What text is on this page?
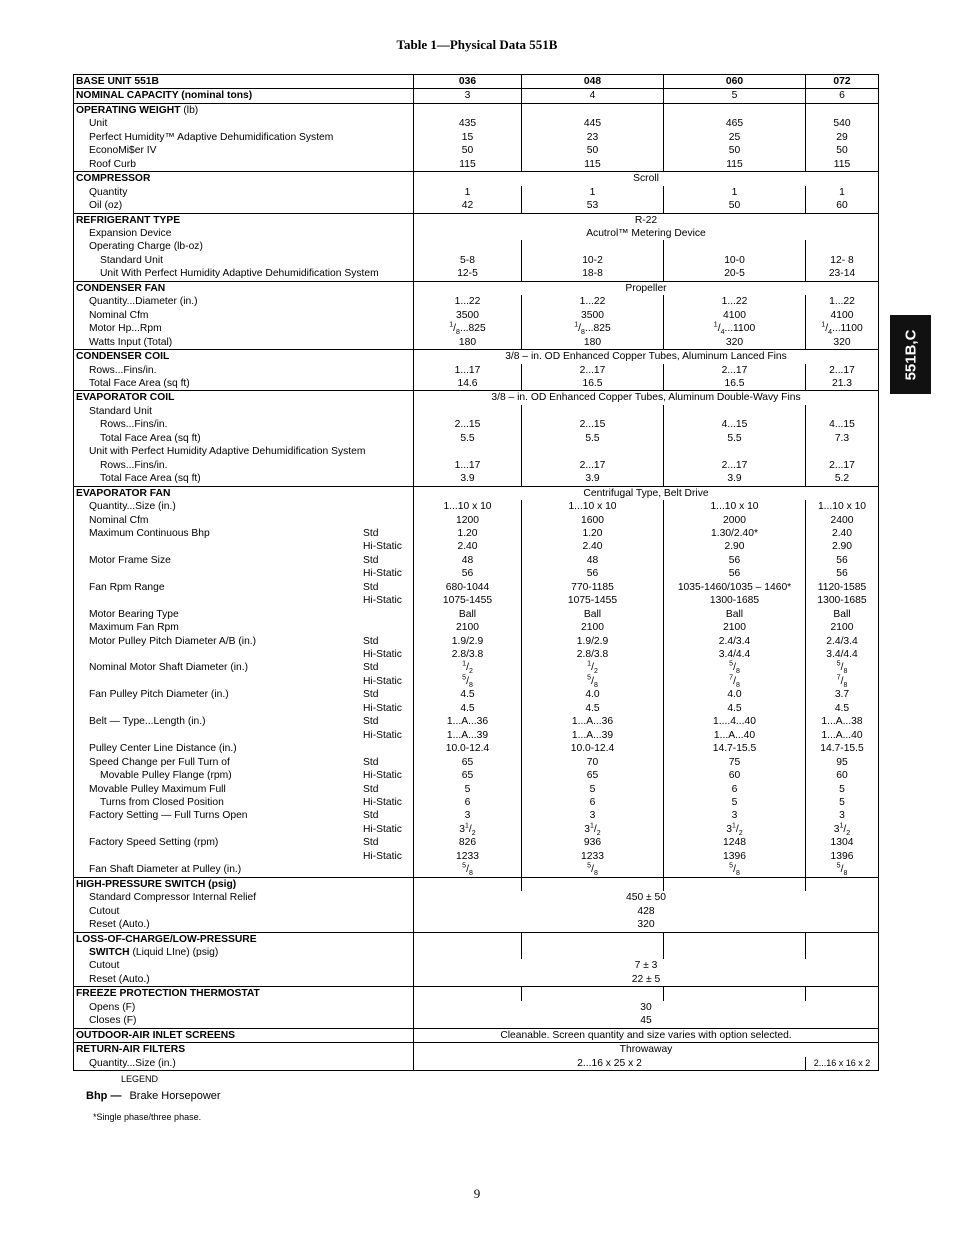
Table 1—Physical Data 551B
BASE UNIT 551B	036	048	060	072

NOMINAL CAPACITY (nominal tons)	3	4	5	6

OPERATING WEIGHT (lb)				

Unit	435	445	465	540

Perfect Humidity™ Adaptive Dehumidification System	15	23	25	29

EconoMi$er IV	50	50	50	50

Roof Curb	115	115	115	115

COMPRESSOR	Scroll			

Quantity	1	1	1	1

Oil (oz)	42	53	50	60

REFRIGERANT TYPE	R-22			

Expansion Device	Acutrol™ Metering Device			

Operating Charge (lb-oz)				

Standard Unit	5-8	10-2	10-0	12- 8

Unit With Perfect Humidity Adaptive Dehumidification System	12-5	18-8	20-5	23-14

CONDENSER FAN	Propeller			

Quantity...Diameter (in.)	1...22	1...22	1...22	1...22

Nominal Cfm	3500	3500	4100	4100

Motor Hp...Rpm	$^1/_8...825$	$^1/_8...825$	$^1/_4...1100$	$^1/_4...1100$

Watts Input (Total)	180	180	320	320

CONDENSER COIL	3/8 – in. OD Enhanced Copper Tubes, Aluminum Lanced Fins			

Rows...Fins/in.	1...17	2...17	2...17	2...17

Total Face Area (sq ft)	14.6	16.5	16.5	21.3

EVAPORATOR COIL	3/8 – in. OD Enhanced Copper Tubes, Aluminum Double-Wavy Fins			

Standard Unit				

Rows...Fins/in.	2...15	2...15	4...15	4...15

Total Face Area (sq ft)	5.5	5.5	5.5	7.3

Unit with Perfect Humidity Adaptive Dehumidification System				

Rows...Fins/in.	1...17	2...17	2...17	2...17

Total Face Area (sq ft)	3.9	3.9	3.9	5.2

EVAPORATOR FAN	Centrifugal Type, Belt Drive			

Quantity...Size (in.)	1...10 x 10	1...10 x 10	1...10 x 10	1...10 x 10

Nominal Cfm	1200	1600	2000	2400

Maximum Continuous Bhp Std	1.20	1.20	1.30/2.40*	2.40

Hi-Static	2.40	2.40	2.90	2.90

Motor Frame Size Std	48	48	56	56

Hi-Static	56	56	56	56

Fan Rpm Range Std	680-1044	770-1185	1035-1460/1035 – 1460*	1120-1585

Hi-Static	1075-1455	1075-1455	1300-1685	1300-1685

Motor Bearing Type	Ball	Ball	Ball	Ball

Maximum Fan Rpm	2100	2100	2100	2100

Motor Pulley Pitch Diameter A/B (in.) Std	1.9/2.9	1.9/2.9	2.4/3.4	2.4/3.4

Hi-Static	2.8/3.8	2.8/3.8	3.4/4.4	3.4/4.4

Nominal Motor Shaft Diameter (in.) Std	$^1/_2$	$^1/_2$	$^5/_8$	$^5/_8$

Hi-Static	$^5/_8$	$^5/_8$	$^7/_8$	$^7/_8$

Fan Pulley Pitch Diameter (in.) Std	4.5	4.0	4.0	3.7

Hi-Static	4.5	4.5	4.5	4.5

Belt — Type...Length (in.) Std	1...A...36	1...A...36	1....4...40	1...A...38

Hi-Static	1...A...39	1...A...39	1...A...40	1...A...40

Pulley Center Line Distance (in.)	10.0-12.4	10.0-12.4	14.7-15.5	14.7-15.5

Speed Change per Full Turn of Std	65	70	75	95

Movable Pulley Flange (rpm) Hi-Static	65	65	60	60

Movable Pulley Maximum Full Std	5	5	6	5

Turns from Closed Position Hi-Static	6	6	5	5

Factory Setting — Full Turns Open Std	3	3	3	3

Hi-Static	$3^1/_2$	$3^1/_2$	$3^1/_2$	$3^1/_2$

Factory Speed Setting (rpm) Std	826	936	1248	1304

Hi-Static	1233	1233	1396	1396

Fan Shaft Diameter at Pulley (in.)	$^5/_8$	$^5/_8$	$^5/_8$	$^5/_8$

HIGH-PRESSURE SWITCH (psig)				

Standard Compressor Internal Relief	450 ± 50			

Cutout	428			

Reset (Auto.)	320			

LOSS-OF-CHARGE/LOW-PRESSURE				

SWITCH (Liquid LIne) (psig)				

Cutout	7 ± 3			

Reset (Auto.)	22 ± 5			

FREEZE PROTECTION THERMOSTAT				

Opens (F)	30			

Closes (F)	45			

OUTDOOR-AIR INLET SCREENS	Cleanable. Screen quantity and size varies with option selected.			

RETURN-AIR FILTERS	Throwaway			

Quantity...Size (in.)	2...16 x 25 x 2			2...16 x 16 x 2
551B,C
LEGEND
Bhp — Brake Horsepower
*Single phase/three phase.
9
